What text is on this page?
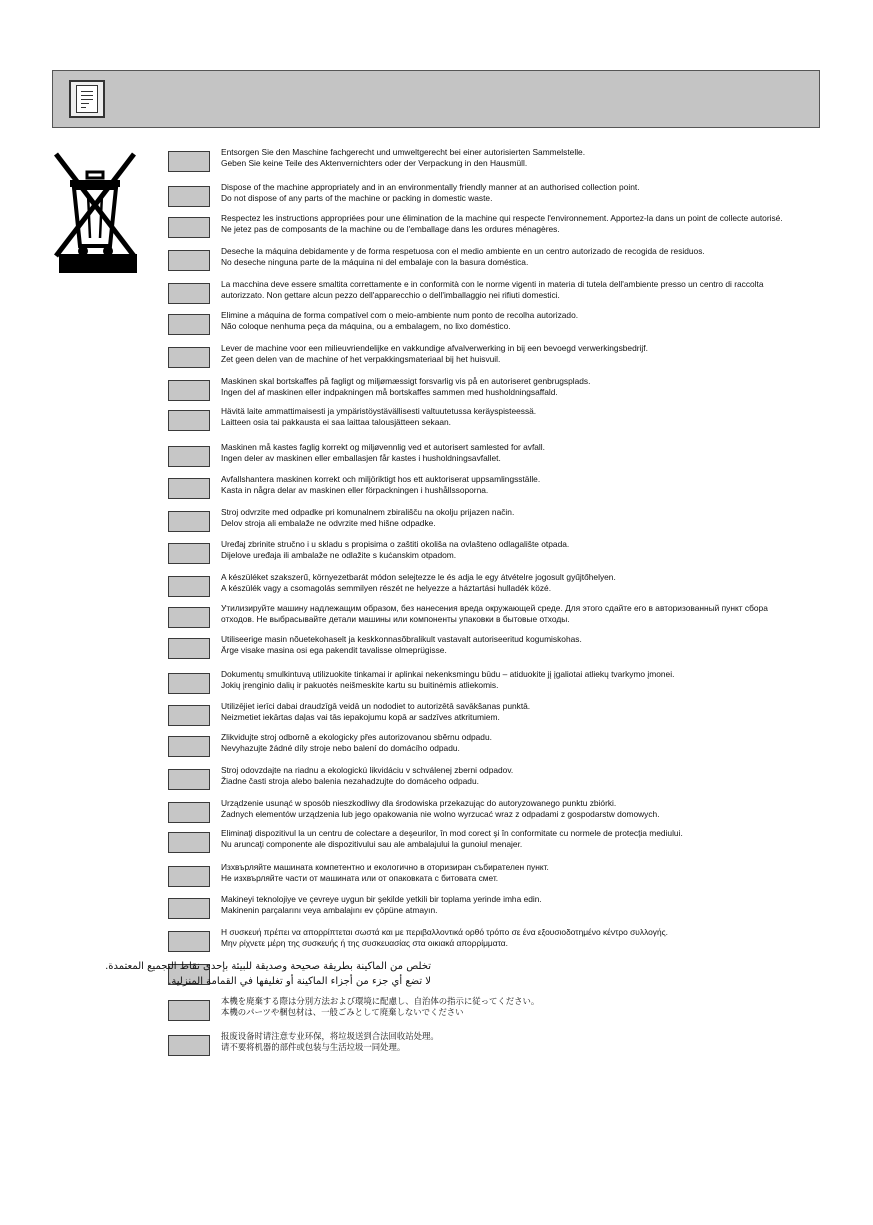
Entsorgen Sie den Maschine fachgerecht und umweltgerecht bei einer autorisierten Sammelstelle.
Geben Sie keine Teile des Aktenvernichters oder der Verpackung in den Hausmüll.
Dispose of the machine appropriately and in an environmentally friendly manner at an authorised collection point.
Do not dispose of any parts of the machine or packing in domestic waste.
Respectez les instructions appropriées pour une élimination de la machine qui respecte l'environnement. Apportez-la dans un point de collecte autorisé.
Ne jetez pas de composants de la machine ou de l'emballage dans les ordures ménagères.
Deseche la máquina debidamente y de forma respetuosa con el medio ambiente en un centro autorizado de recogida de residuos.
No deseche ninguna parte de la máquina ni del embalaje con la basura doméstica.
La macchina deve essere smaltita correttamente e in conformità con le norme vigenti in materia di tutela dell'ambiente presso un centro di raccolta
autorizzato. Non gettare alcun pezzo dell'apparecchio o dell'imballaggio nei rifiuti domestici.
Elimine a máquina de forma compatível com o meio-ambiente num ponto de recolha autorizado.
Não coloque nenhuma peça da máquina, ou a embalagem, no lixo doméstico.
Lever de machine voor een milieuvriendelijke en vakkundige afvalverwerking in bij een bevoegd verwerkingsbedrijf.
Zet geen delen van de machine of het verpakkingsmateriaal bij het huisvuil.
Maskinen skal bortskaffes på fagligt og miljømæssigt forsvarlig vis på en autoriseret genbrugsplads.
Ingen del af maskinen eller indpakningen må bortskaffes sammen med husholdningsaffald.
Hävitä laite ammattimaisesti ja ympäristöystävällisesti valtuutetussa keräyspisteessä.
Laitteen osia tai pakkausta ei saa laittaa talousjätteen sekaan.
Maskinen må kastes faglig korrekt og miljøvennlig ved et autorisert samlested for avfall.
Ingen deler av maskinen eller emballasjen får kastes i husholdningsavfallet.
Avfallshantera maskinen korrekt och miljöriktigt hos ett auktoriserat uppsamlingsställe.
Kasta in några delar av maskinen eller förpackningen i hushållssoporna.
Stroj odvrzite med odpadke pri komunalnem zbirališču na okolju prijazen način.
Delov stroja ali embalaže ne odvrzite med hišne odpadke.
Uređaj zbrinite stručno i u skladu s propisima o zaštiti okoliša na ovlašteno odlagalište otpada.
Dijelove uređaja ili ambalaže ne odlažite s kućanskim otpadom.
A készüléket szakszerű, környezetbarát módon selejtezze le és adja le egy átvételre jogosult gyűjtőhelyen.
A készülék vagy a csomagolás semmilyen részét ne helyezze a háztartási hulladék közé.
Утилизируйте машину надлежащим образом, без нанесения вреда окружающей среде. Для этого сдайте его в авторизованный пункт сбора
отходов. Не выбрасывайте детали машины или компоненты упаковки в бытовые отходы.
Utiliseerige masin nõuetekohaselt ja keskkonnasõbralikult vastavalt autoriseeritud kogumiskohas.
Ärge visake masina osi ega pakendit tavalisse olmeprügisse.
Dokumentų smulkintuvą utilizuokite tinkamai ir aplinkai nekenksmingu būdu – atiduokite jį įgaliotai atliekų tvarkymo įmonei.
Jokių įrenginio dalių ir pakuotės neišmeskite kartu su buitinėmis atliekomis.
Utilizējiet ierīci dabai draudzīgā veidā un nododiet to autorizētā savākšanas punktā.
Neizmetiet iekārtas daļas vai tās iepakojumu kopā ar sadzīves atkritumiem.
Zlikvidujte stroj odborně a ekologicky přes autorizovanou sběrnu odpadu.
Nevyhazujte žádné díly stroje nebo balení do domácího odpadu.
Stroj odovzdajte na riadnu a ekologickú likvidáciu v schválenej zberni odpadov.
Žiadne časti stroja alebo balenia nezahadzujte do domáceho odpadu.
Urządzenie usunąć w sposób nieszkodliwy dla środowiska przekazując do autoryzowanego punktu zbiórki.
Żadnych elementów urządzenia lub jego opakowania nie wolno wyrzucać wraz z odpadami z gospodarstw domowych.
Eliminaţi dispozitivul la un centru de colectare a deşeurilor, în mod corect şi în conformitate cu normele de protecţia mediului.
Nu aruncaţi componente ale dispozitivului sau ale ambalajului la gunoiul menajer.
Изхвърляйте машината компетентно и екологично в оторизиран събирателен пункт.
Не изхвърляйте части от машината или от опаковката с битовата смет.
Makineyi teknolojiye ve çevreye uygun bir şekilde yetkili bir toplama yerinde imha edin.
Makinenin parçalarını veya ambalajını ev çöpüne atmayın.
Η συσκευή πρέπει να απορρίπτεται σωστά και με περιβαλλοντικά ορθό τρόπο σε ένα εξουσιοδοτημένο κέντρο συλλογής.
Μην ρίχνετε μέρη της συσκευής ή της συσκευασίας στα οικιακά απορρίμματα.
تخلص من الماكينة بطريقة صحيحة وصديقة للبيئة بإحدى نقاط التجميع المعتمدة.
لا تضع أي جزء من أجزاء الماكينة أو تغليفها في القمامة المنزلية.
本機を廃棄する際は分別方法および環境に配慮し、自治体の指示に従ってください。
本機のパーツや梱包材は、一般ごみとして廃棄しないでください
报废设备时请注意专业环保，将垃圾送到合法回收站处理。
请不要将机器的部件或包装与生活垃圾一同处理。
